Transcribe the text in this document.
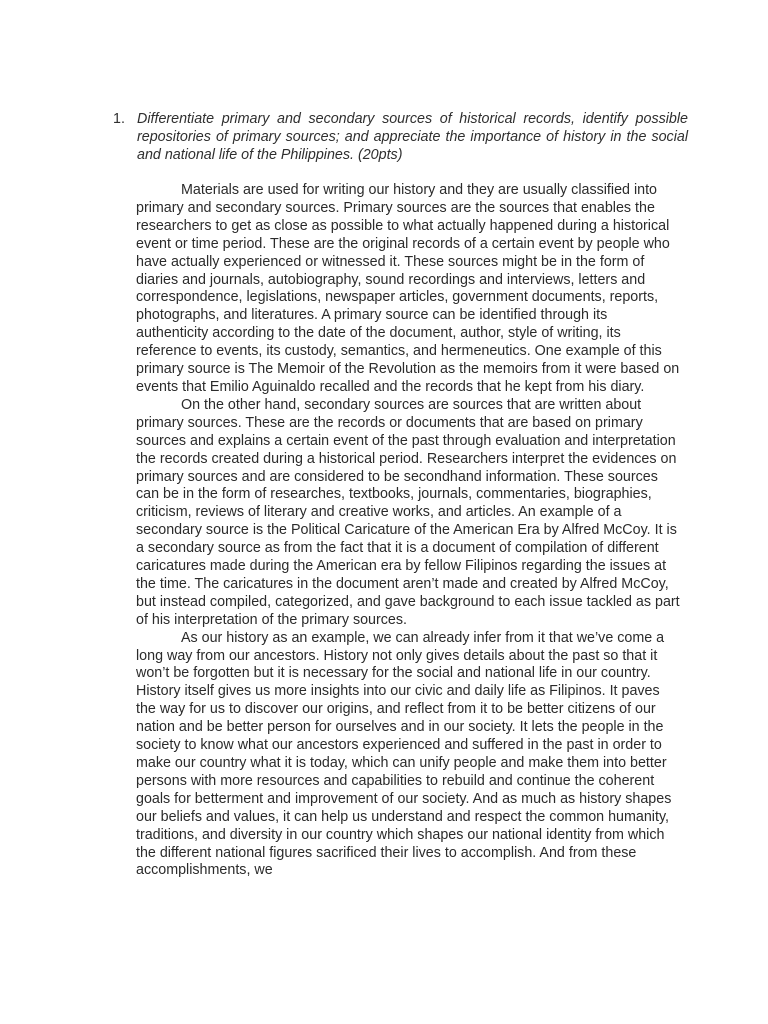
1. Differentiate primary and secondary sources of historical records, identify possible repositories of primary sources; and appreciate the importance of history in the social and national life of the Philippines. (20pts)

Materials are used for writing our history and they are usually classified into primary and secondary sources. Primary sources are the sources that enables the researchers to get as close as possible to what actually happened during a historical event or time period. These are the original records of a certain event by people who have actually experienced or witnessed it. These sources might be in the form of diaries and journals, autobiography, sound recordings and interviews, letters and correspondence, legislations, newspaper articles, government documents, reports, photographs, and literatures. A primary source can be identified through its authenticity according to the date of the document, author, style of writing, its reference to events, its custody, semantics, and hermeneutics. One example of this primary source is The Memoir of the Revolution as the memoirs from it were based on events that Emilio Aguinaldo recalled and the records that he kept from his diary.

On the other hand, secondary sources are sources that are written about primary sources. These are the records or documents that are based on primary sources and explains a certain event of the past through evaluation and interpretation the records created during a historical period. Researchers interpret the evidences on primary sources and are considered to be secondhand information. These sources can be in the form of researches, textbooks, journals, commentaries, biographies, criticism, reviews of literary and creative works, and articles. An example of a secondary source is the Political Caricature of the American Era by Alfred McCoy. It is a secondary source as from the fact that it is a document of compilation of different caricatures made during the American era by fellow Filipinos regarding the issues at the time. The caricatures in the document aren’t made and created by Alfred McCoy, but instead compiled, categorized, and gave background to each issue tackled as part of his interpretation of the primary sources.

As our history as an example, we can already infer from it that we’ve come a long way from our ancestors. History not only gives details about the past so that it won’t be forgotten but it is necessary for the social and national life in our country. History itself gives us more insights into our civic and daily life as Filipinos. It paves the way for us to discover our origins, and reflect from it to be better citizens of our nation and be better person for ourselves and in our society. It lets the people in the society to know what our ancestors experienced and suffered in the past in order to make our country what it is today, which can unify people and make them into better persons with more resources and capabilities to rebuild and continue the coherent goals for betterment and improvement of our society. And as much as history shapes our beliefs and values, it can help us understand and respect the common humanity, traditions, and diversity in our country which shapes our national identity from which the different national figures sacrificed their lives to accomplish. And from these accomplishments, we
